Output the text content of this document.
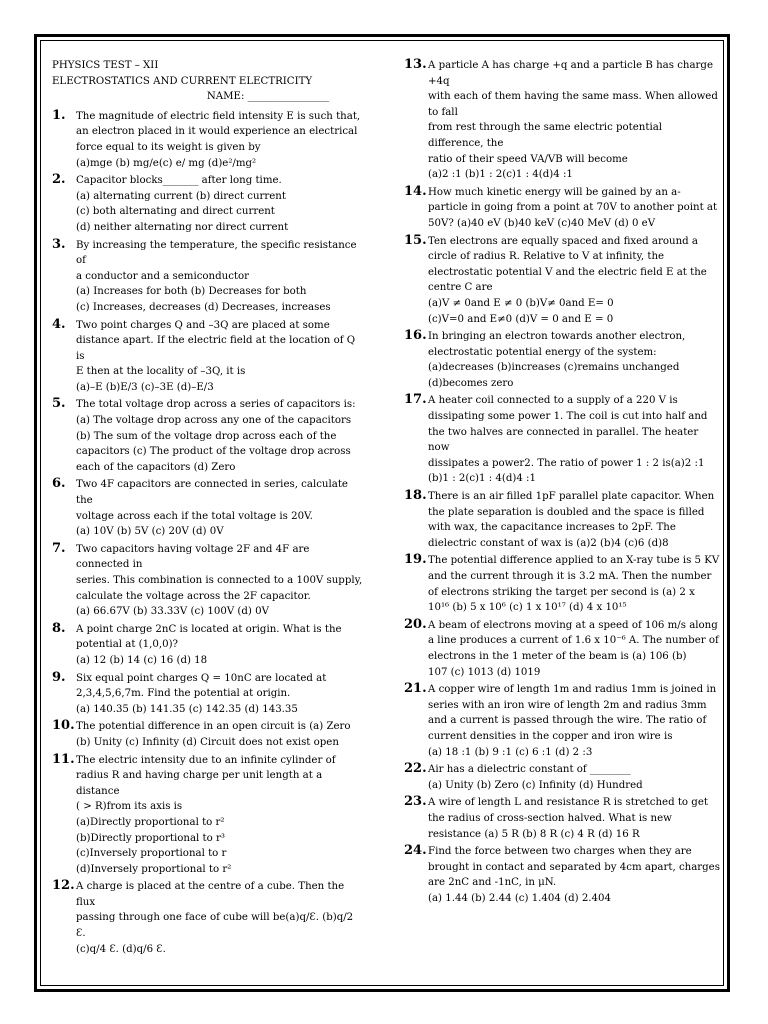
PHYSICS TEST – XII

ELECTROSTATICS AND CURRENT ELECTRICITY

NAME: ________________

1. The magnitude of electric field intensity E is such that,
an electron placed in it would experience an electrical
force equal to its weight is given by
(a)mge (b) mg/e(c) e/ mg (d)e²/mg²
2. Capacitor blocks_______ after long time.
(a) alternating current (b) direct current
(c) both alternating and direct current
(d) neither alternating nor direct current
3. By increasing the temperature, the specific resistance of
a conductor and a semiconductor
(a) Increases for both (b) Decreases for both
(c) Increases, decreases (d) Decreases, increases
4. Two point charges Q and –3Q are placed at some
distance apart. If the electric field at the location of Q is
E then at the locality of –3Q, it is
(a)–E (b)E/3 (c)–3E (d)–E/3
5. The total voltage drop across a series of capacitors is:
(a) The voltage drop across any one of the capacitors
(b) The sum of the voltage drop across each of the
capacitors (c) The product of the voltage drop across
each of the capacitors (d) Zero
6. Two 4F capacitors are connected in series, calculate the
voltage across each if the total voltage is 20V.
(a) 10V (b) 5V (c) 20V (d) 0V
7. Two capacitors having voltage 2F and 4F are connected in
series. This combination is connected to a 100V supply,
calculate the voltage across the 2F capacitor.
(a) 66.67V (b) 33.33V (c) 100V (d) 0V
8. A point charge 2nC is located at origin. What is the
potential at (1,0,0)?
(a) 12 (b) 14 (c) 16 (d) 18
9. Six equal point charges Q = 10nC are located at
2,3,4,5,6,7m. Find the potential at origin.
(a) 140.35 (b) 141.35 (c) 142.35 (d) 143.35
10. The potential difference in an open circuit is (a) Zero
(b) Unity (c) Infinity (d) Circuit does not exist open
11. The electric intensity due to an infinite cylinder of
radius R and having charge per unit length at a distance
( > R)from its axis is
(a)Directly proportional to r²
(b)Directly proportional to r³
(c)Inversely proportional to r
(d)Inversely proportional to r²
12. A charge is placed at the centre of a cube. Then the flux
passing through one face of cube will be(a)q/Ɛ. (b)q/2 Ɛ.
(c)q/4 Ɛ. (d)q/6 Ɛ.
13. A particle A has charge +q and a particle B has charge +4q
with each of them having the same mass. When allowed to fall
from rest through the same electric potential difference, the
ratio of their speed VA/VB will become
(a)2 :1 (b)1 : 2(c)1 : 4(d)4 :1
14. How much kinetic energy will be gained by an a-
particle in going from a point at 70V to another point at
50V? (a)40 eV (b)40 keV (c)40 MeV (d) 0 eV
15. Ten electrons are equally spaced and fixed around a
circle of radius R. Relative to V at infinity, the
electrostatic potential V and the electric field E at the
centre C are
(a)V ≠ 0and E ≠ 0 (b)V≠ 0and E= 0
(c)V=0 and E≠0 (d)V = 0 and E = 0
16. In bringing an electron towards another electron,
electrostatic potential energy of the system:
(a)decreases (b)increases (c)remains unchanged
(d)becomes zero
17. A heater coil connected to a supply of a 220 V is
dissipating some power 1. The coil is cut into half and
the two halves are connected in parallel. The heater now
dissipates a power2. The ratio of power 1 : 2 is(a)2 :1
(b)1 : 2(c)1 : 4(d)4 :1
18. There is an air filled 1pF parallel plate capacitor. When
the plate separation is doubled and the space is filled
with wax, the capacitance increases to 2pF. The
dielectric constant of wax is (a)2 (b)4 (c)6 (d)8
19. The potential difference applied to an X-ray tube is 5 KV
and the current through it is 3.2 mA. Then the number
of electrons striking the target per second is (a) 2 x
10¹⁶ (b) 5 x 10⁶ (c) 1 x 10¹⁷ (d) 4 x 10¹⁵
20. A beam of electrons moving at a speed of 106 m/s along
a line produces a current of 1.6 x 10⁻⁶ A. The number of
electrons in the 1 meter of the beam is (a) 106 (b)
107 (c) 1013 (d) 1019
21. A copper wire of length 1m and radius 1mm is joined in
series with an iron wire of length 2m and radius 3mm
and a current is passed through the wire. The ratio of
current densities in the copper and iron wire is
(a) 18 :1 (b) 9 :1 (c) 6 :1 (d) 2 :3
22. Air has a dielectric constant of ________
(a) Unity (b) Zero (c) Infinity (d) Hundred
23. A wire of length L and resistance R is stretched to get
the radius of cross-section halved. What is new
resistance (a) 5 R (b) 8 R (c) 4 R (d) 16 R
24. Find the force between two charges when they are
brought in contact and separated by 4cm apart, charges
are 2nC and -1nC, in μN.
(a) 1.44 (b) 2.44 (c) 1.404 (d) 2.404
